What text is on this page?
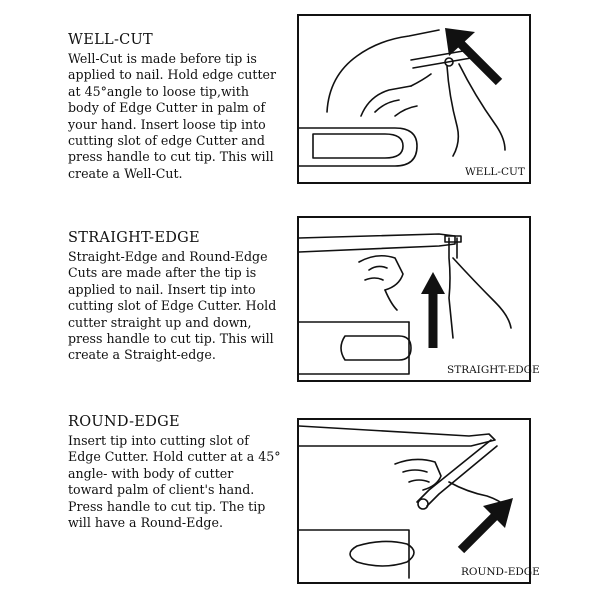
WELL-CUT

Well-Cut is made before tip is

applied to nail. Hold edge cutter

at 45°angle to loose tip,with

body of Edge Cutter in palm of

your hand. Insert loose tip into

cutting slot of edge Cutter and

press handle to cut tip. This will

create a Well-Cut.	WELL-CUT

STRAIGHT-EDGE

Straight-Edge and Round-Edge

Cuts are made after the tip is

applied to nail. Insert tip into

cutting slot of Edge Cutter. Hold

cutter straight up and down,

press handle to cut tip. This will

create a Straight-edge.

STRAIGHT-EDGE

ROUND-EDGE

Insert tip into cutting slot of

Edge Cutter. Hold cutter at a 45°

angle- with body of cutter

toward palm of client's hand.

Press handle to cut tip. The tip

will have a Round-Edge.

ROUND-EDGE
